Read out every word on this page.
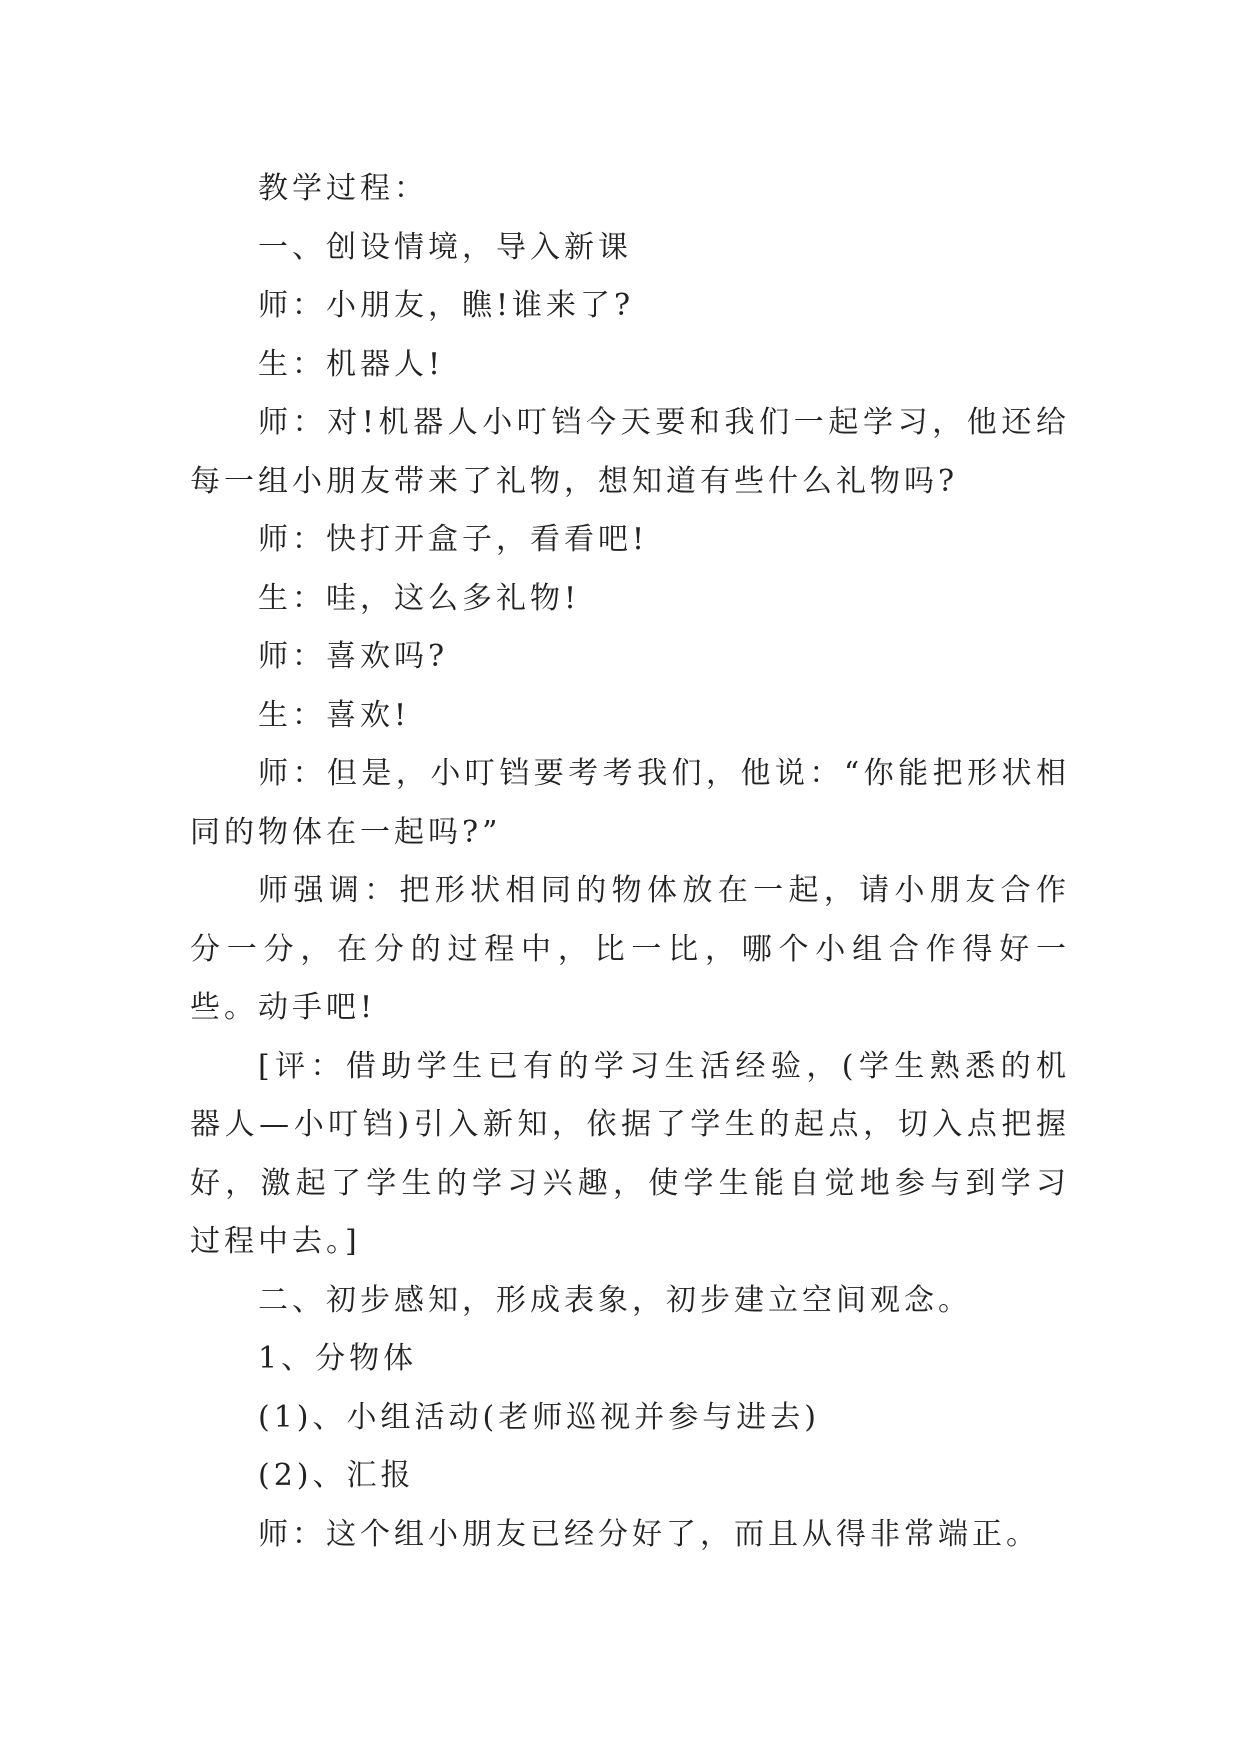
教学过程：

一、创设情境，导入新课

师：小朋友，瞧!谁来了?

生：机器人!

师：对!机器人小叮铛今天要和我们一起学习，他还给每一组小朋友带来了礼物，想知道有些什么礼物吗?

师：快打开盒子，看看吧!

生：哇，这么多礼物!

师：喜欢吗?

生：喜欢!

师：但是，小叮铛要考考我们，他说：“你能把形状相同的物体在一起吗?”

师强调：把形状相同的物体放在一起，请小朋友合作分一分，在分的过程中，比一比，哪个小组合作得好一些。动手吧!

[评：借助学生已有的学习生活经验，(学生熟悉的机器人—小叮铛)引入新知，依据了学生的起点，切入点把握好，激起了学生的学习兴趣，使学生能自觉地参与到学习过程中去。]

二、初步感知，形成表象，初步建立空间观念。

1、分物体

(1)、小组活动(老师巡视并参与进去)

(2)、汇报

师：这个组小朋友已经分好了，而且从得非常端正。
